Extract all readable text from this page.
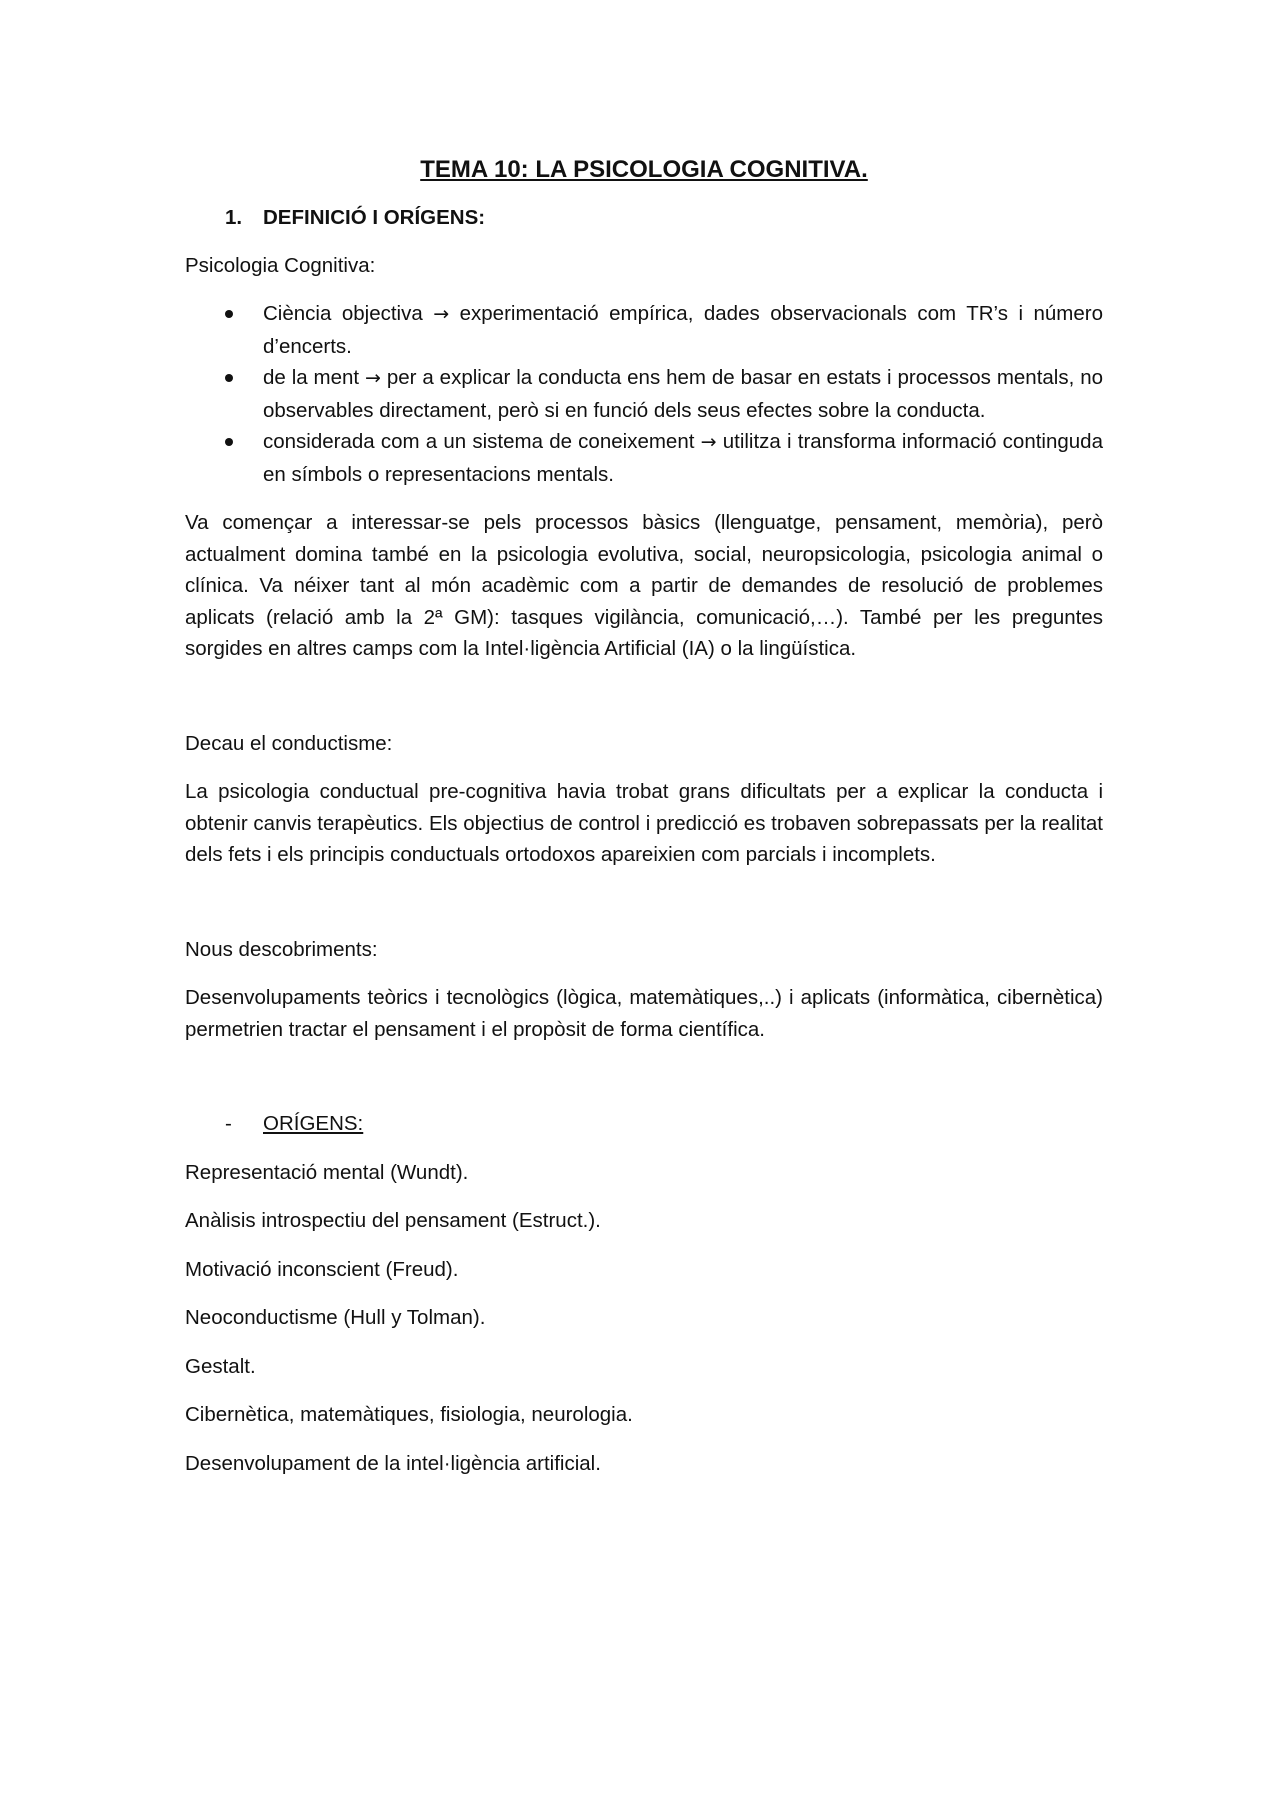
TEMA 10: LA PSICOLOGIA COGNITIVA.
1. DEFINICIÓ I ORÍGENS:

Psicologia Cognitiva:

Ciència objectiva → experimentació empírica, dades observacionals com TR’s i número d’encerts.
de la ment → per a explicar la conducta ens hem de basar en estats i processos mentals, no observables directament, però si en funció dels seus efectes sobre la conducta.
considerada com a un sistema de coneixement → utilitza i transforma informació continguda en símbols o representacions mentals.

Va començar a interessar-se pels processos bàsics (llenguatge, pensament, memòria), però actualment domina també en la psicologia evolutiva, social, neuropsicologia, psicologia animal o clínica. Va néixer tant al món acadèmic com a partir de demandes de resolució de problemes aplicats (relació amb la 2ª GM): tasques vigilància, comunicació,…). També per les preguntes sorgides en altres camps com la Intel·ligència Artificial (IA) o la lingüística.

Decau el conductisme:

La psicologia conductual pre-cognitiva havia trobat grans dificultats per a explicar la conducta i obtenir canvis terapèutics. Els objectius de control i predicció es trobaven sobrepassats per la realitat dels fets i els principis conductuals ortodoxos apareixien com parcials i incomplets.

Nous descobriments:

Desenvolupaments teòrics i tecnològics (lògica, matemàtiques,..) i aplicats (informàtica, cibernètica) permetrien tractar el pensament i el propòsit de forma científica.

- ORÍGENS:

Representació mental (Wundt).

Anàlisis introspectiu del pensament (Estruct.).

Motivació inconscient (Freud).

Neoconductisme (Hull y Tolman).

Gestalt.

Cibernètica, matemàtiques, fisiologia, neurologia.

Desenvolupament de la intel·ligència artificial.
